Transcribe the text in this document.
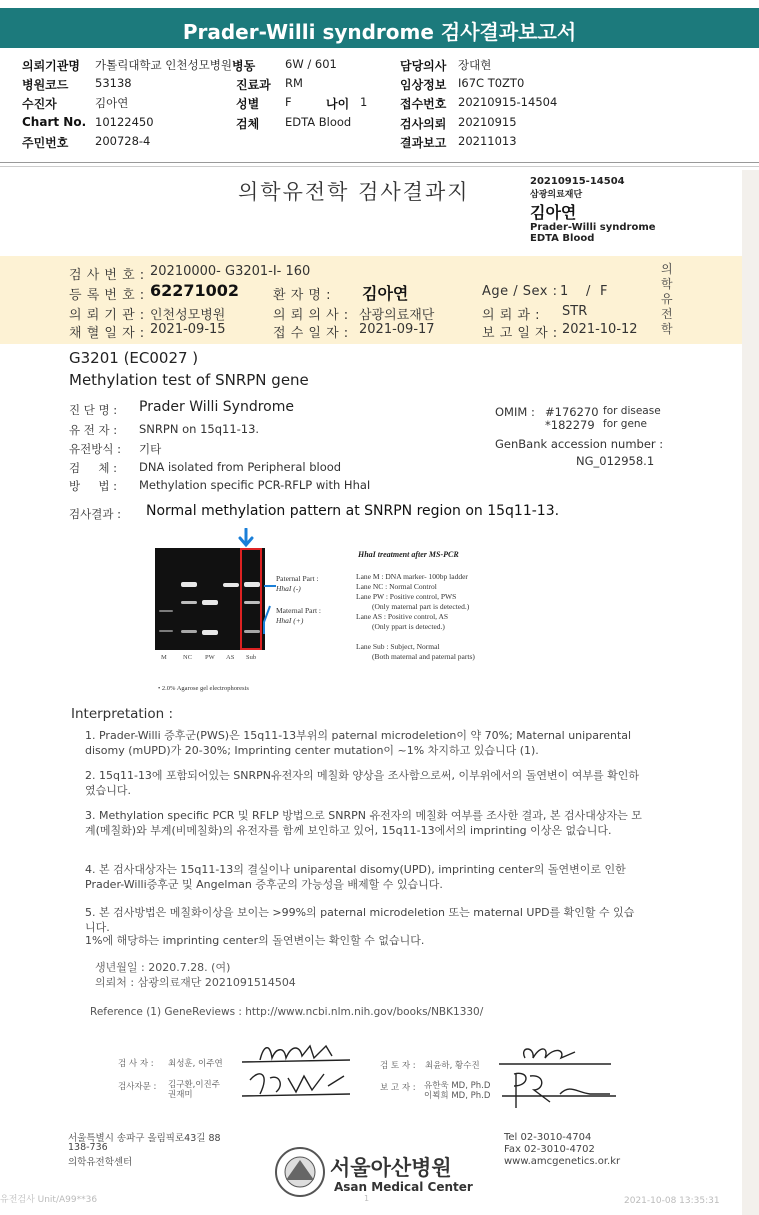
Prader-Willi syndrome 검사결과보고서
의뢰기관명 가톨릭대학교 인천성모병원 병동	6W / 601	담당의사 장대현
병원코드 53138	진료과 RM	임상정보 I67C T0ZT0
수진자	김아연	성별 F	나이 1	접수번호 20210915-14504
Chart No. 10122450	검체 EDTA Blood	검사의뢰 20210915
주민번호 200728-4	결과보고 20211013
의학유전학 검사결과지	20210915-14504
삼광의료재단
김아연
Prader-Willi syndrome
EDTA Blood
의학유전학
검 사 번 호 : 20210000- G3201-I- 160
등 록 번 호 : 62271002	환 자 명 : 김아연	Age / Sex : 1 / F
의 뢰 기 관 : 인천성모병원	의 뢰 의 사 : 삼광의료재단	의 뢰 과 : STR
채 혈 일 자 : 2021-09-15	접 수 일 자 : 2021-09-17	보 고 일 자 : 2021-10-12
G3201 (EC0027 )
Methylation test of SNRPN gene
진 단 명 : Prader Willi Syndrome
유 전 자 : SNRPN on 15q11-13.
유전방식 : 기타
검     체 : DNA isolated from Peripheral blood
방     법 : Methylation specific PCR-RFLP with HhaI
OMIM : #176270 for disease
*182279 for gene
GenBank accession number :
NG_012958.1
검사결과 : Normal methylation pattern at SNRPN region on 15q11-13.
M NC PW AS Sub
Paternal Part :
HhaI (-)
Maternal Part :
HhaI (+)
HhaI treatment after MS-PCR
Lane M : DNA marker- 100bp ladder
Lane NC : Normal Control
Lane PW : Positive control, PWS
(Only maternal part is detected.)
Lane AS : Positive control, AS
(Only ppart is detected.)
Lane Sub : Subject, Normal
(Both maternal and paternal parts)
• 2.0% Agarose gel electrophoresis
Interpretation :
1. Prader-Willi 증후군(PWS)은 15q11-13부위의 paternal microdeletion이 약 70%; Maternal uniparental disomy (mUPD)가 20-30%; Imprinting center mutation이 ~1% 차지하고 있습니다 (1).
2. 15q11-13에 포함되어있는 SNRPN유전자의 메칠화 양상을 조사함으로써, 이부위에서의 돌연변이 여부를 확인하였습니다.
3. Methylation specific PCR 및 RFLP 방법으로 SNRPN 유전자의 메칠화 여부를 조사한 결과, 본 검사대상자는 모계(메칠화)와 부계(비메칠화)의 유전자를 함께 보인하고 있어, 15q11-13에서의 imprinting 이상은 없습니다.
4. 본 검사대상자는 15q11-13의 결실이나 uniparental disomy(UPD), imprinting center의 돌연변이로 인한 Prader-Willi증후군 및 Angelman 증후군의 가능성을 배제할 수 있습니다.
5. 본 검사방법은 메칠화이상을 보이는 >99%의 paternal microdeletion 또는 maternal UPD를 확인할 수 있습니다.
1%에 해당하는 imprinting center의 돌연변이는 확인할 수 없습니다.
생년월일 : 2020.7.28. (여)
의뢰처 : 삼광의료재단 2021091514504
Reference (1) GeneReviews : http://www.ncbi.nlm.nih.gov/books/NBK1330/
검 사 자 : 최성훈, 이주연	검 토 자 : 최윤하, 황수진
검사자문 : 김구환,이진주
권재미
보 고 자 : 유한욱 MD, Ph.D
이뵉희 MD, Ph.D
서울특별시 송파구 올림픽로43길 88
138-736
의학유전학센터
Tel 02-3010-4704
Fax 02-3010-4702
www.amcgenetics.or.kr
서울아산병원
Asan Medical Center
유전검사 Unit/A99**36	1	2021-10-08 13:35:31
